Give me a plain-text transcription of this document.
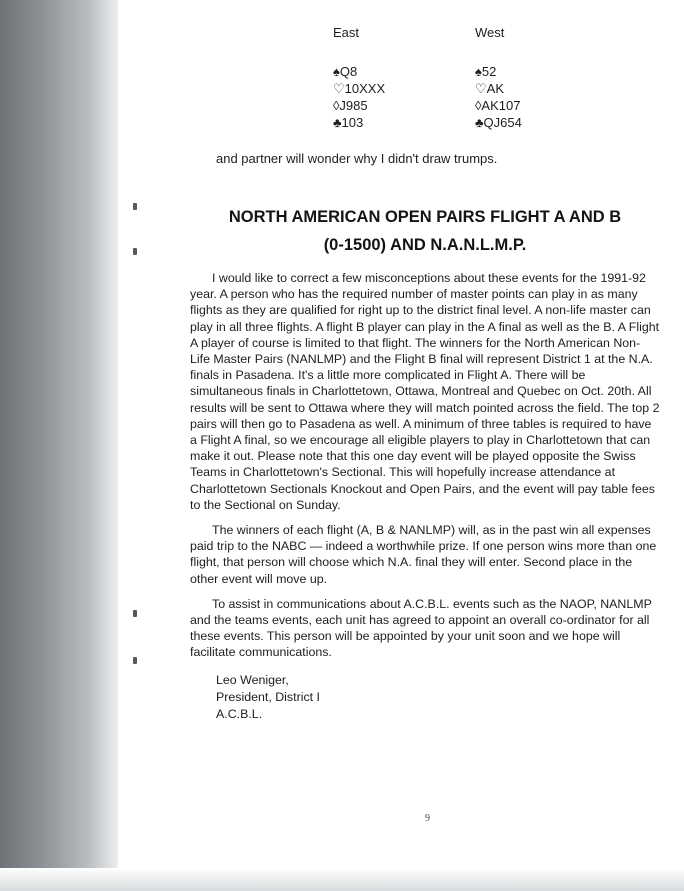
East
♠Q8
♡10XXX
◊J985
♣103
West
♠52
♡AK
◊AK107
♣QJ654
and partner will wonder why I didn't draw trumps.
NORTH AMERICAN OPEN PAIRS FLIGHT A AND B
(0-1500) AND N.A.N.L.M.P.

I would like to correct a few misconceptions about these events for the 1991-92 year. A person who has the required number of master points can play in as many flights as they are qualified for right up to the district final level. A non-life master can play in all three flights. A flight B player can play in the A final as well as the B. A Flight A player of course is limited to that flight. The winners for the North American Non-Life Master Pairs (NANLMP) and the Flight B final will represent District 1 at the N.A. finals in Pasadena. It's a little more complicated in Flight A. There will be simultaneous finals in Charlottetown, Ottawa, Montreal and Quebec on Oct. 20th. All results will be sent to Ottawa where they will match pointed across the field. The top 2 pairs will then go to Pasadena as well. A minimum of three tables is required to have a Flight A final, so we encourage all eligible players to play in Charlottetown that can make it out. Please note that this one day event will be played opposite the Swiss Teams in Charlottetown's Sectional. This will hopefully increase attendance at Charlottetown Sectionals Knockout and Open Pairs, and the event will pay table fees to the Sectional on Sunday.

The winners of each flight (A, B & NANLMP) will, as in the past win all expenses paid trip to the NABC — indeed a worthwhile prize. If one person wins more than one flight, that person will choose which N.A. final they will enter. Second place in the other event will move up.

To assist in communications about A.C.B.L. events such as the NAOP, NANLMP and the teams events, each unit has agreed to appoint an overall co-ordinator for all these events. This person will be appointed by your unit soon and we hope will facilitate communications.

Leo Weniger,
President, District I
A.C.B.L.
9
